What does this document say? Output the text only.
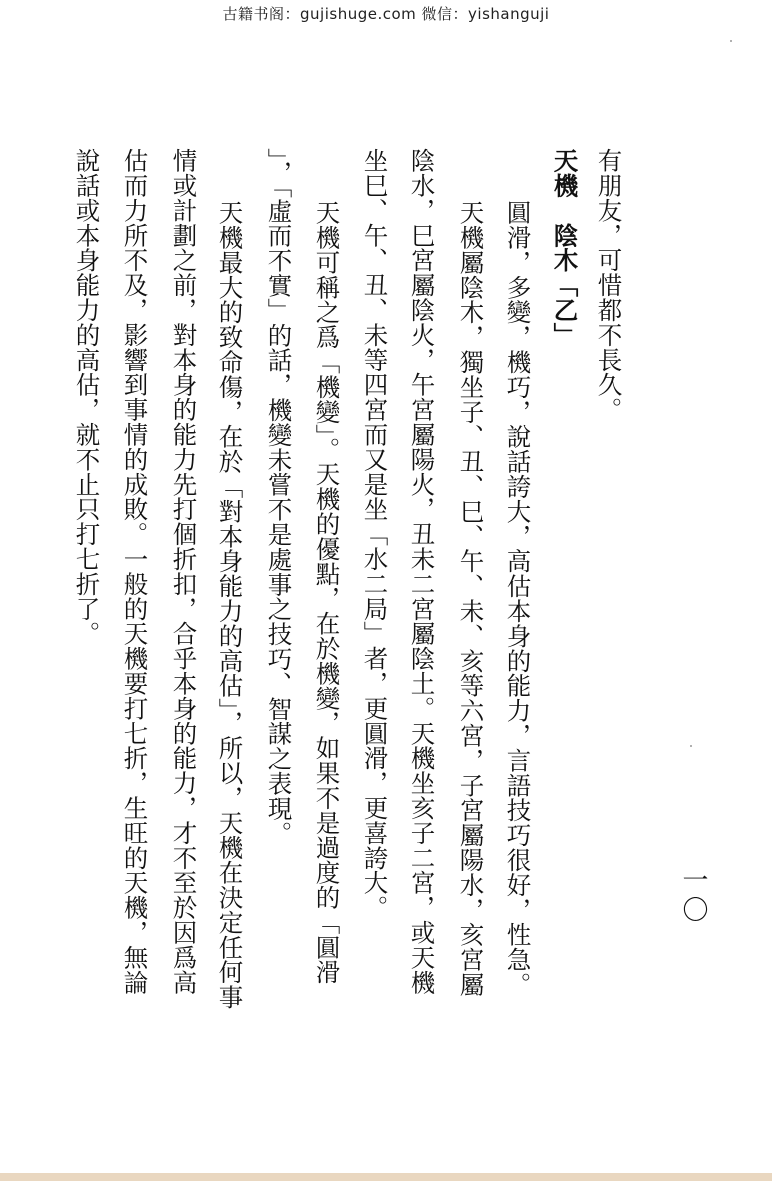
古籍书阁：gujishuge.com 微信：yishanguji
有朋友，可惜都不長久。
天機　陰木「乙」
圓滑，多變，機巧，說話誇大，高估本身的能力，言語技巧很好，性急。
天機屬陰木，獨坐子、丑、巳、午、未、亥等六宮，子宮屬陽水，亥宮屬
陰水，巳宮屬陰火，午宮屬陽火，丑未二宮屬陰土。天機坐亥子二宮，或天機
坐巳、午、丑、未等四宮而又是坐「水二局」者，更圓滑，更喜誇大。
天機可稱之爲「機變」。天機的優點，在於機變，如果不是過度的「圓滑
」，「虛而不實」的話，機變未嘗不是處事之技巧、智謀之表現。
天機最大的致命傷，在於「對本身能力的高估」，所以，天機在決定任何事
情或計劃之前，對本身的能力先打個折扣，合乎本身的能力，才不至於因爲高
估而力所不及，影響到事情的成敗。一般的天機要打七折，生旺的天機，無論
說話或本身能力的高估，就不止只打七折了。
一〇
